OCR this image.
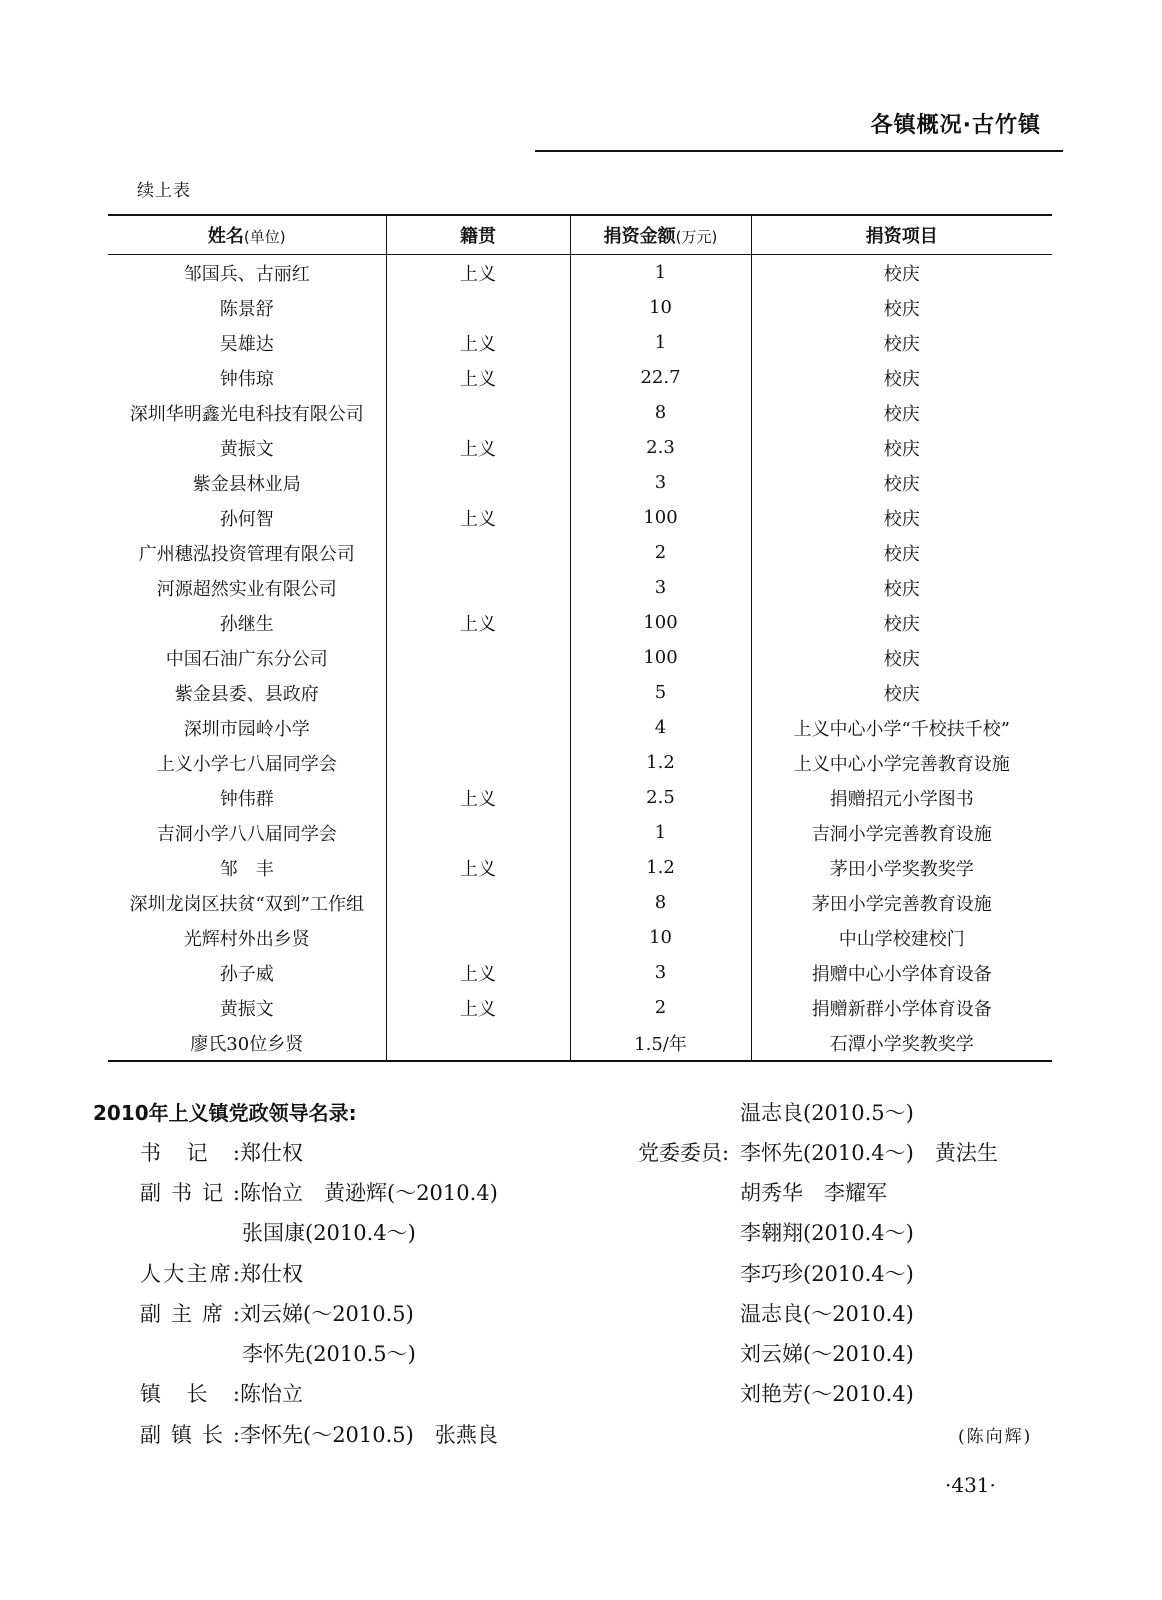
各镇概况·古竹镇
续上表
姓名(单位)	籍贯	捐资金额(万元)	捐资项目
邹国兵、古丽红	上义	1	校庆
陈景舒		10	校庆
吴雄达	上义	1	校庆
钟伟琼	上义	22.7	校庆
深圳华明鑫光电科技有限公司		8	校庆
黄振文	上义	2.3	校庆
紫金县林业局		3	校庆
孙何智	上义	100	校庆
广州穗泓投资管理有限公司		2	校庆
河源超然实业有限公司		3	校庆
孙继生	上义	100	校庆
中国石油广东分公司		100	校庆
紫金县委、县政府		5	校庆
深圳市园岭小学		4	上义中心小学“千校扶千校”
上义小学七八届同学会		1.2	上义中心小学完善教育设施
钟伟群	上义	2.5	捐赠招元小学图书
吉洞小学八八届同学会		1	吉洞小学完善教育设施
邹　丰	上义	1.2	茅田小学奖教奖学
深圳龙岗区扶贫“双到”工作组		8	茅田小学完善教育设施
光辉村外出乡贤		10	中山学校建校门
孙子威	上义	3	捐赠中心小学体育设备
黄振文	上义	2	捐赠新群小学体育设备
廖氏30位乡贤		1.5/年	石潭小学奖教奖学
2010年上义镇党政领导名录:
书记:郑仕权
副书记:陈怡立　黄逊辉(～2010.4)
张国康(2010.4～)
人大主席:郑仕权
副主席:刘云娣(～2010.5)
李怀先(2010.5～)
镇长:陈怡立
副镇长:李怀先(～2010.5)　张燕良
温志良(2010.5～)
党委委员: 李怀先(2010.4～)　黄法生
胡秀华　李耀军
李翱翔(2010.4～)
李巧珍(2010.4～)
温志良(～2010.4)
刘云娣(～2010.4)
刘艳芳(～2010.4)
(陈向辉)
·431·
